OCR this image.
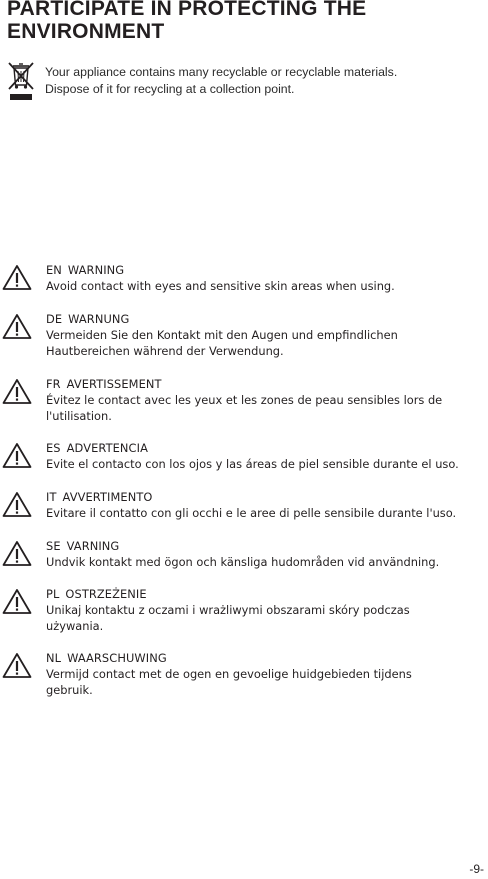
PARTICIPATE IN PROTECTING THE
ENVIRONMENT
Your appliance contains many recyclable or recyclable materials.
Dispose of it for recycling at a collection point.
EN WARNING
Avoid contact with eyes and sensitive skin areas when using.
DE WARNUNG
Vermeiden Sie den Kontakt mit den Augen und empfindlichen
Hautbereichen während der Verwendung.
FR AVERTISSEMENT
Évitez le contact avec les yeux et les zones de peau sensibles lors de
l'utilisation.
ES ADVERTENCIA
Evite el contacto con los ojos y las áreas de piel sensible durante el uso.
IT AVVERTIMENTO
Evitare il contatto con gli occhi e le aree di pelle sensibile durante l'uso.
SE VARNING
Undvik kontakt med ögon och känsliga hudområden vid användning.
PL OSTRZEŻENIE
Unikaj kontaktu z oczami i wrażliwymi obszarami skóry podczas
używania.
NL WAARSCHUWING
Vermijd contact met de ogen en gevoelige huidgebieden tijdens
gebruik.
-9-
